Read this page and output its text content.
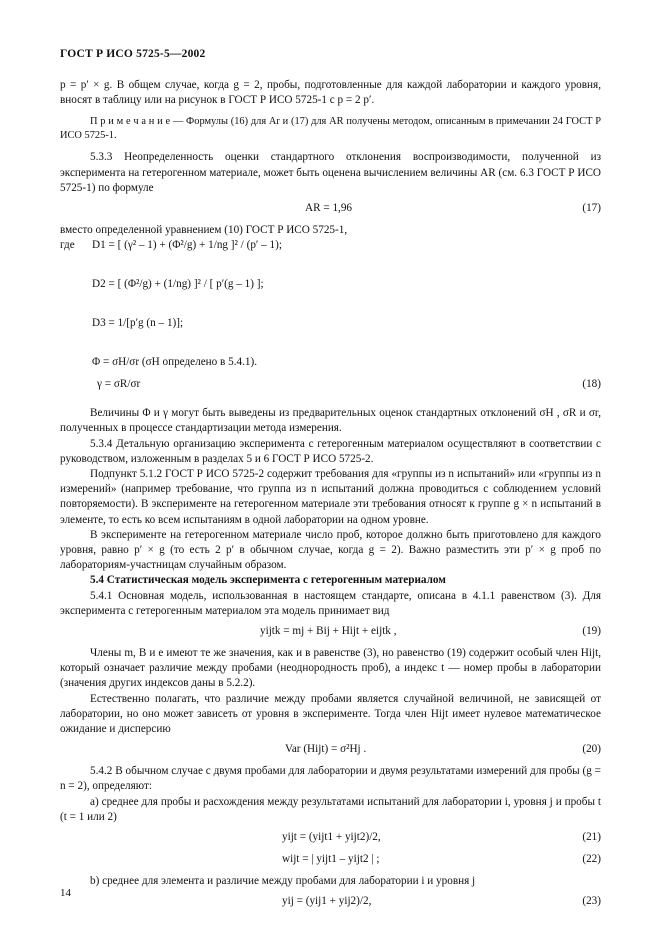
ГОСТ Р ИСО 5725-5—2002

p = p′ × g. В общем случае, когда g = 2, пробы, подготовленные для каждой лаборатории и каждого уровня, вносят в таблицу или на рисунок в ГОСТ Р ИСО 5725-1 с p = 2 p′.

П р и м е ч а н и е — Формулы (16) для Ar и (17) для AR получены методом, описанным в примечании 24 ГОСТ Р ИСО 5725-1.

5.3.3 Неопределенность оценки стандартного отклонения воспроизводимости, полученной из эксперимента на гетерогенном материале, может быть оценена вычислением величины AR (см. 6.3 ГОСТ Р ИСО 5725-1) по формуле

AR = 1,96	(17)

вместо определенной уравнением (10) ГОСТ Р ИСО 5725-1,

где D1 = [ (γ² – 1) + (Φ²/g) + 1/ng ]² / (p′ – 1);
D2 = [ (Φ²/g) + (1/ng) ]² / [ p′(g – 1) ];
D3 = 1/[p′g (n – 1)];
Φ = σH/σr (σH определено в 5.4.1).
γ = σR/σr	(18)

Величины Φ и γ могут быть выведены из предварительных оценок стандартных отклонений σH , σR и σr, полученных в процессе стандартизации метода измерения.

5.3.4 Детальную организацию эксперимента с гетерогенным материалом осуществляют в соответствии с руководством, изложенным в разделах 5 и 6 ГОСТ Р ИСО 5725-2.

Подпункт 5.1.2 ГОСТ Р ИСО 5725-2 содержит требования для «группы из n испытаний» или «группы из n измерений» (например требование, что группа из n испытаний должна проводиться с соблюдением условий повторяемости). В эксперименте на гетерогенном материале эти требования относят к группе g × n испытаний в элементе, то есть ко всем испытаниям в одной лаборатории на одном уровне.

В эксперименте на гетерогенном материале число проб, которое должно быть приготовлено для каждого уровня, равно p′ × g (то есть 2 p′ в обычном случае, когда g = 2). Важно разместить эти p′ × g проб по лабораториям-участницам случайным образом.

5.4 Статистическая модель эксперимента с гетерогенным материалом

5.4.1 Основная модель, использованная в настоящем стандарте, описана в 4.1.1 равенством (3). Для эксперимента с гетерогенным материалом эта модель принимает вид

yijtk = mj + Bij + Hijt + eijtk ,	(19)

Члены m, B и e имеют те же значения, как и в равенстве (3), но равенство (19) содержит особый член Hijt, который означает различие между пробами (неоднородность проб), а индекс t — номер пробы в лаборатории (значения других индексов даны в 5.2.2).

Естественно полагать, что различие между пробами является случайной величиной, не зависящей от лаборатории, но оно может зависеть от уровня в эксперименте. Тогда член Hijt имеет нулевое математическое ожидание и дисперсию

Var (Hijt) = σ²Hj .	(20)

5.4.2 В обычном случае с двумя пробами для лаборатории и двумя результатами измерений для пробы (g = n = 2), определяют:

a) среднее для пробы и расхождения между результатами испытаний для лаборатории i, уровня j и пробы t (t = 1 или 2)

yijt = (yijt1 + yijt2)/2,	(21)
wijt = | yijt1 – yijt2 | ;	(22)

b) среднее для элемента и различие между пробами для лаборатории i и уровня j

yij = (yij1 + yij2)/2,	(23)
14
